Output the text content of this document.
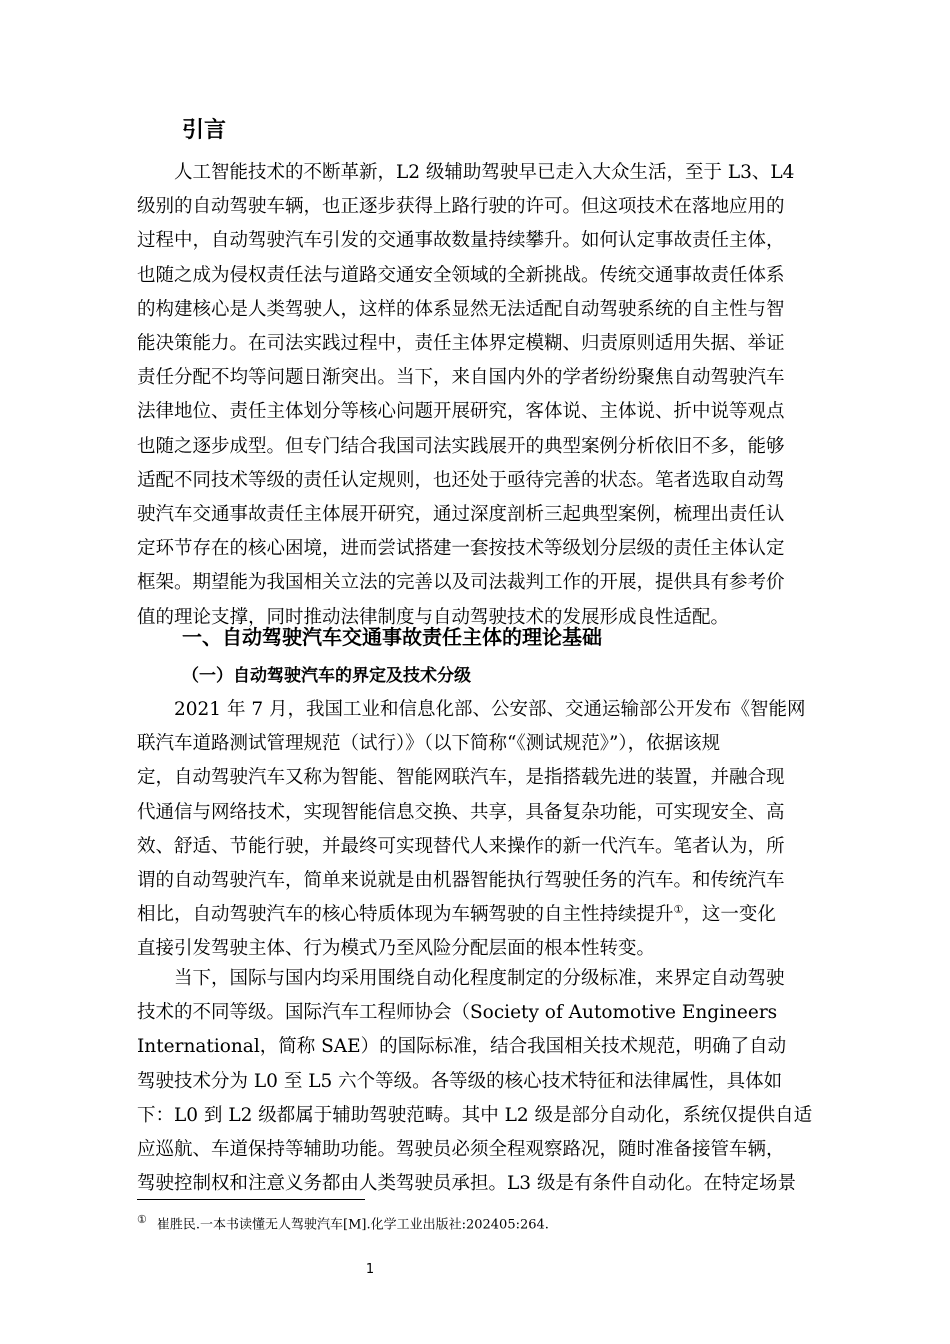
引言
人工智能技术的不断革新，L2 级辅助驾驶早已走入大众生活，至于 L3、L4
级别的自动驾驶车辆，也正逐步获得上路行驶的许可。但这项技术在落地应用的
过程中，自动驾驶汽车引发的交通事故数量持续攀升。如何认定事故责任主体，
也随之成为侵权责任法与道路交通安全领域的全新挑战。传统交通事故责任体系
的构建核心是人类驾驶人，这样的体系显然无法适配自动驾驶系统的自主性与智
能决策能力。在司法实践过程中，责任主体界定模糊、归责原则适用失据、举证
责任分配不均等问题日渐突出。当下，来自国内外的学者纷纷聚焦自动驾驶汽车
法律地位、责任主体划分等核心问题开展研究，客体说、主体说、折中说等观点
也随之逐步成型。但专门结合我国司法实践展开的典型案例分析依旧不多，能够
适配不同技术等级的责任认定规则，也还处于亟待完善的状态。笔者选取自动驾
驶汽车交通事故责任主体展开研究，通过深度剖析三起典型案例，梳理出责任认
定环节存在的核心困境，进而尝试搭建一套按技术等级划分层级的责任主体认定
框架。期望能为我国相关立法的完善以及司法裁判工作的开展，提供具有参考价
值的理论支撑，同时推动法律制度与自动驾驶技术的发展形成良性适配。
一、自动驾驶汽车交通事故责任主体的理论基础
（一）自动驾驶汽车的界定及技术分级
2021 年 7 月，我国工业和信息化部、公安部、交通运输部公开发布《智能网
联汽车道路测试管理规范（试行）》（以下简称“《测试规范》”），依据该规
定，自动驾驶汽车又称为智能、智能网联汽车，是指搭载先进的装置，并融合现
代通信与网络技术，实现智能信息交换、共享，具备复杂功能，可实现安全、高
效、舒适、节能行驶，并最终可实现替代人来操作的新一代汽车。笔者认为，所
谓的自动驾驶汽车，简单来说就是由机器智能执行驾驶任务的汽车。和传统汽车
相比，自动驾驶汽车的核心特质体现为车辆驾驶的自主性持续提升①，这一变化
直接引发驾驶主体、行为模式乃至风险分配层面的根本性转变。
当下，国际与国内均采用围绕自动化程度制定的分级标准，来界定自动驾驶
技术的不同等级。国际汽车工程师协会（Society of Automotive Engineers
International，简称 SAE）的国际标准，结合我国相关技术规范，明确了自动
驾驶技术分为 L0 至 L5 六个等级。各等级的核心技术特征和法律属性，具体如
下：L0 到 L2 级都属于辅助驾驶范畴。其中 L2 级是部分自动化，系统仅提供自适
应巡航、车道保持等辅助功能。驾驶员必须全程观察路况，随时准备接管车辆，
驾驶控制权和注意义务都由人类驾驶员承担。L3 级是有条件自动化。在特定场景
① 崔胜民.一本书读懂无人驾驶汽车[M].化学工业出版社:202405:264.
1
